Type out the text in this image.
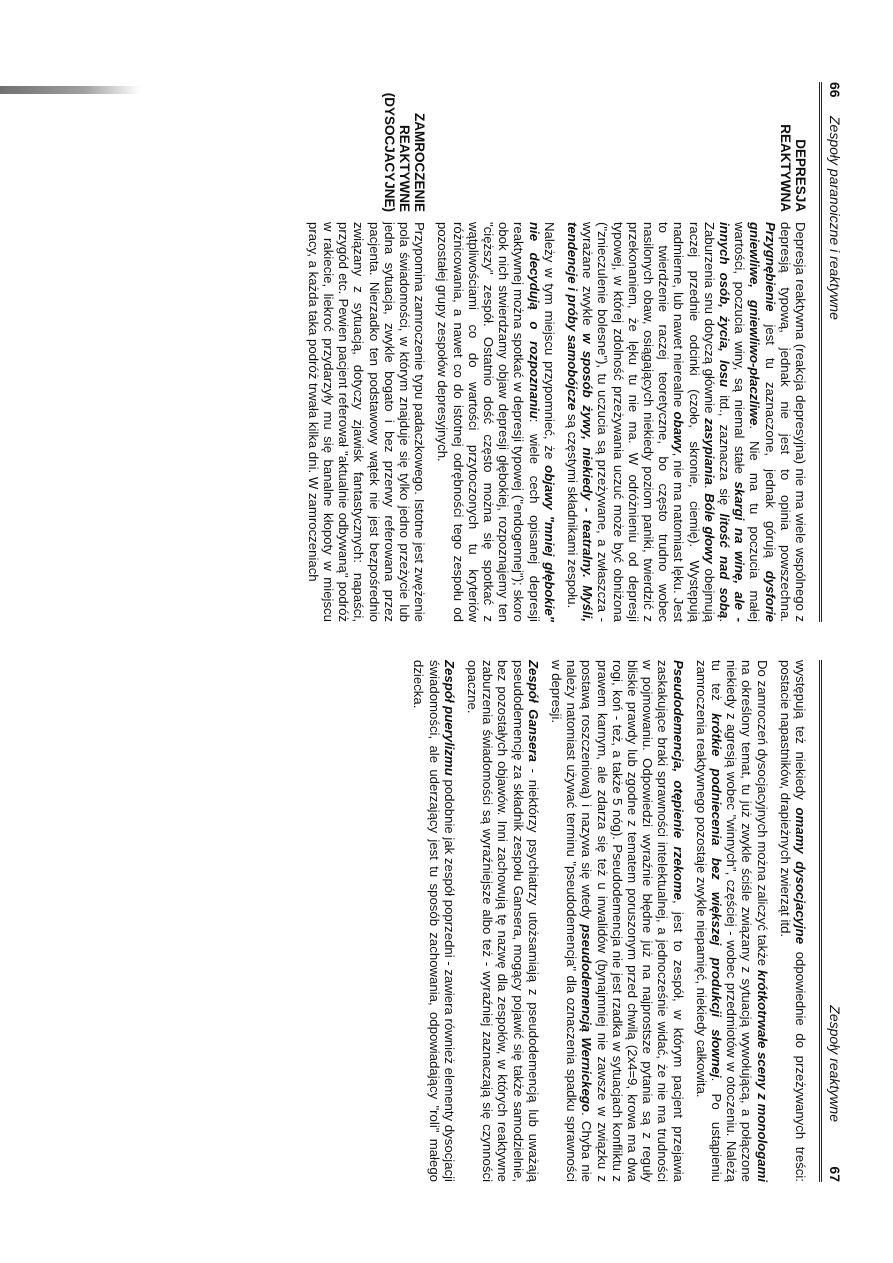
66
Zespoły paranoiczne i reaktywne
DEPRESJA REAKTYWNA

Depresja reaktywna (reakcja depresyjna) nie ma wiele wspólnego z depresją typową, jednak nie jest to opinia powszechna. Przygnębienie jest tu zaznaczone, jednak górują dysforie gniewliwe, gniewliwo-płaczliwe. Nie ma tu poczucia małej wartości, poczucia winy, są niemal stałe skargi na winę, ale - innych osób, życia, losu itd., zaznacza się litość nad sobą. Zaburzenia snu dotyczą głównie zasypiania. Bóle głowy obejmują raczej przednie odcinki (czoło, skronie, ciemię). Występują nadmierne, lub nawet nierealne obawy, nie ma natomiast lęku. Jest to twierdzenie raczej teoretyczne, bo często trudno wobec nasilonych obaw, osiągających niekiedy poziom paniki, twierdzić z przekonaniem, że lęku tu nie ma. W odróżnieniu od depresji typowej, w której zdolność przeżywania uczuć może być obniżona ("znieczulenie bolesne"), tu uczucia są przeżywane, a zwłaszcza - wyrażane zwykle w sposób żywy, niekiedy - teatralny. Myśli, tendencje i próby samobójcze są częstymi składnikami zespołu.

Należy w tym miejscu przypomnieć, że objawy "mniej głębokie" nie decydują o rozpoznaniu: wiele cech opisanej depresji reaktywnej można spotkać w depresji typowej ("endogennej"); skoro obok nich stwierdzamy objaw depresji głębokiej, rozpoznajemy ten "cięższy" zespół. Ostatnio dość często można się spotkać z wątpliwościami co do wartości przytoczonych tu kryteriów różnicowania, a nawet co do istotnej odrębności tego zespołu od pozostałej grupy zespołów depresyjnych.

ZAMROCZENIE REAKTYWNE (DYSOCJACYJNE)

Przypomina zamroczenie typu padaczkowego. Istotne jest zwężenie pola świadomości, w którym znajduje się tylko jedno przeżycie lub jedna sytuacja, zwykle bogato i bez przerwy referowana przez pacjenta. Nierzadko ten podstawowy wątek nie jest bezpośrednio związany z sytuacją, dotyczy zjawisk fantastycznych: napaści, przygód etc. Pewien pacjent referował "aktualnie odbywaną" podróż w rakiecie, liekroć przydarzyły mu się banalne kłopoty w miejscu pracy, a każda taka podróż trwała kilka dni. W zamroczeniach

Zespoły reaktywne
67

występują też niekiedy omamy dysocjacyjne odpowiednie do przeżywanych treści: postacie napastników, drapieżnych zwierząt itd.

Do zamroczeń dysocjacyjnych można zaliczyć także krótkotrwałe sceny z monologami na określony temat, tu już zwykle ściśle związany z sytuacją wywołującą, a połączone niekiedy z agresją wobec "winnych", częściej - wobec przedmiotów w otoczeniu. Należą tu też krótkie podniecenia bez większej produkcji słownej. Po ustąpieniu zamroczenia reaktywnego pozostaje zwykle niepamięć, niekiedy całkowita.

Pseudodemencja, otępienie rzekome, jest to zespół, w którym pacjent przejawia zaskakujące braki sprawności intelektualnej, a jednocześnie widać, że nie ma trudności w pojmowaniu. Odpowiedzi wyraźnie błędne już na najprostsze pytania są z reguły bliskie prawdy lub zgodne z tematem poruszonym przed chwilą (2x4=9, krowa ma dwa rogi, koń - też, a także 5 nóg). Pseudodemencja nie jest rzadka w sytuacjach konfliktu z prawem karnym, ale zdarza się też u inwalidów (bynajmniej nie zawsze w związku z postawą roszczeniową) i nazywa się wtedy pseudodemencją Wernickego. Chyba nie należy natomiast używać terminu "pseudodemencja" dla oznaczenia spadku sprawności w depresji.

Zespół Gansera - niektórzy psychiatrzy utożsamiają z pseudodemencją lub uważają pseudodemencję za składnik zespołu Gansera, mogący pojawić się także samodzielnie, bez pozostałych objawów. Inni zachowują tę nazwę dla zespołów, w których reaktywne zaburzenia świadomości są wyraźniejsze albo też - wyraźniej zaznaczają się czynności opaczne.

Zespół puerylizmu podobnie jak zespół poprzedni - zawiera również elementy dysocjacji świadomości, ale uderzający jest tu sposób zachowania, odpowiadający "roli" małego dziecka.
